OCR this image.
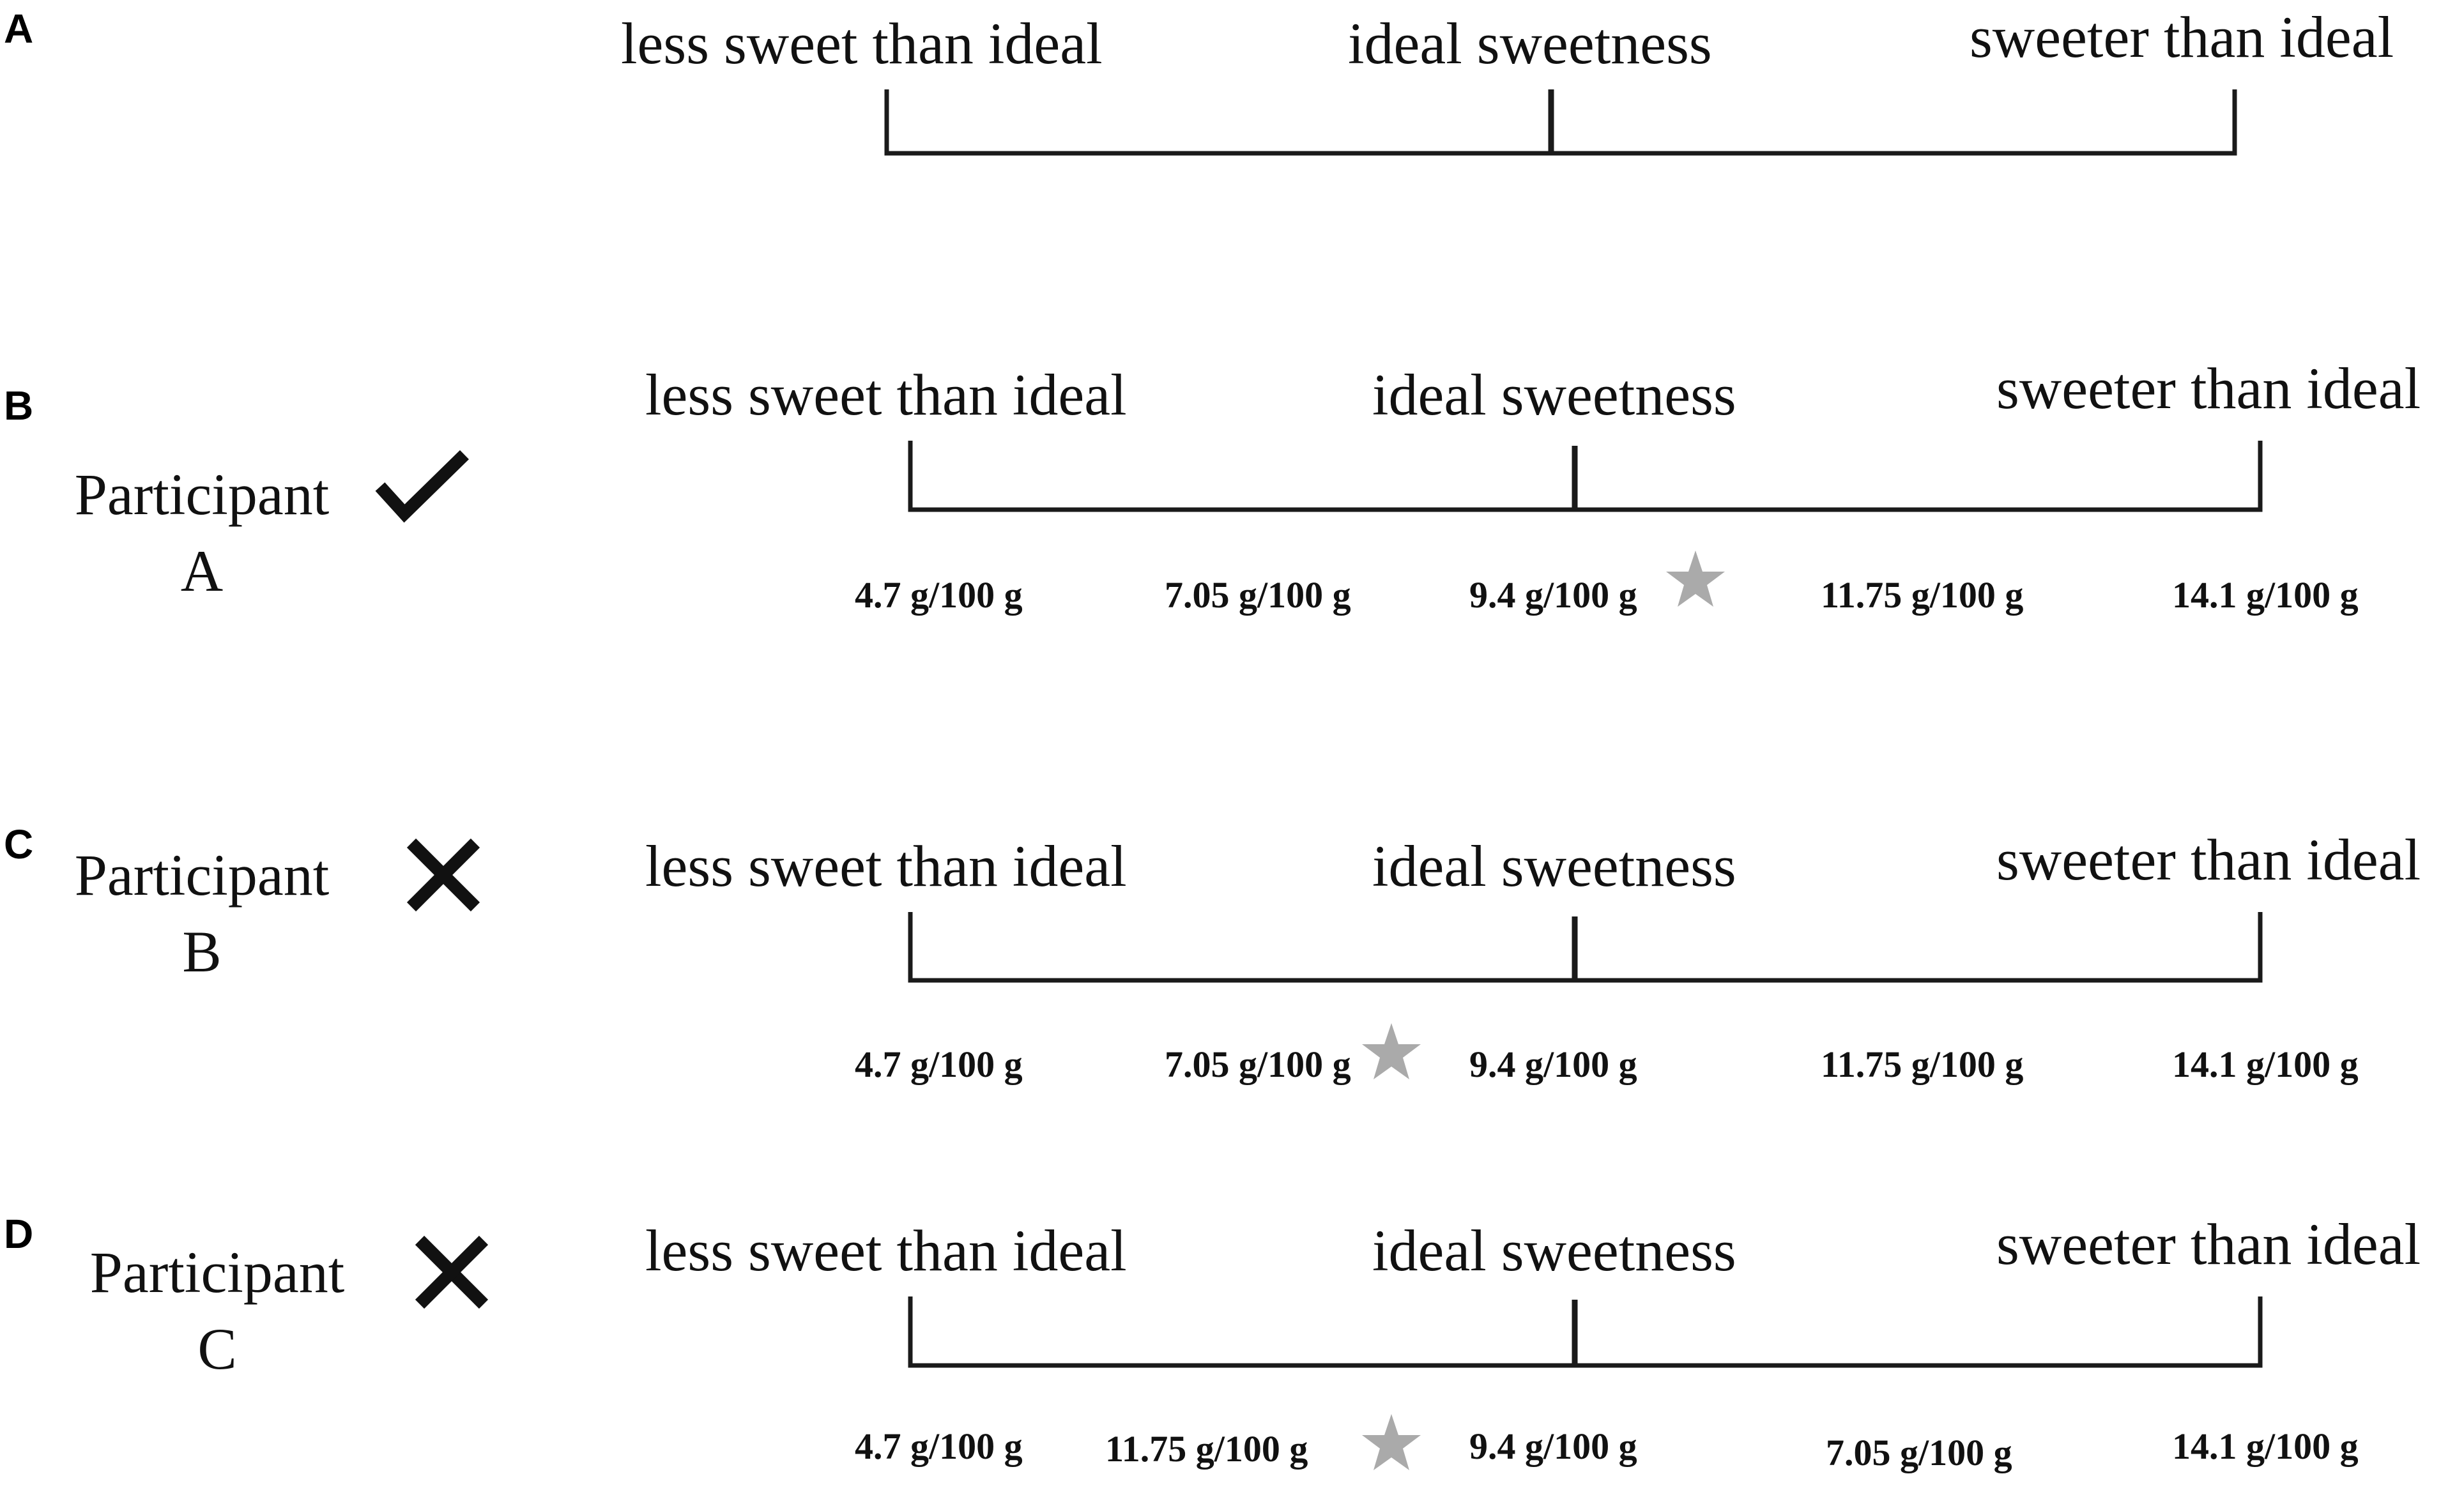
A	less sweet than ideal	ideal sweetness	sweeter than ideal
B
Participant
A
less sweet than ideal	ideal sweetness	sweeter than ideal
4.7 g/100 g	7.05 g/100 g	9.4 g/100 g	11.75 g/100 g	14.1 g/100 g
C Participant
B
less sweet than ideal	ideal sweetness	sweeter than ideal
4.7 g/100 g	7.05 g/100 g	9.4 g/100 g	11.75 g/100 g	14.1 g/100 g
D
Participant
C
less sweet than ideal	ideal sweetness	sweeter than ideal
4.7 g/100 g 11.75 g/100 g	9.4 g/100 g	7.05 g/100 g	14.1 g/100 g
